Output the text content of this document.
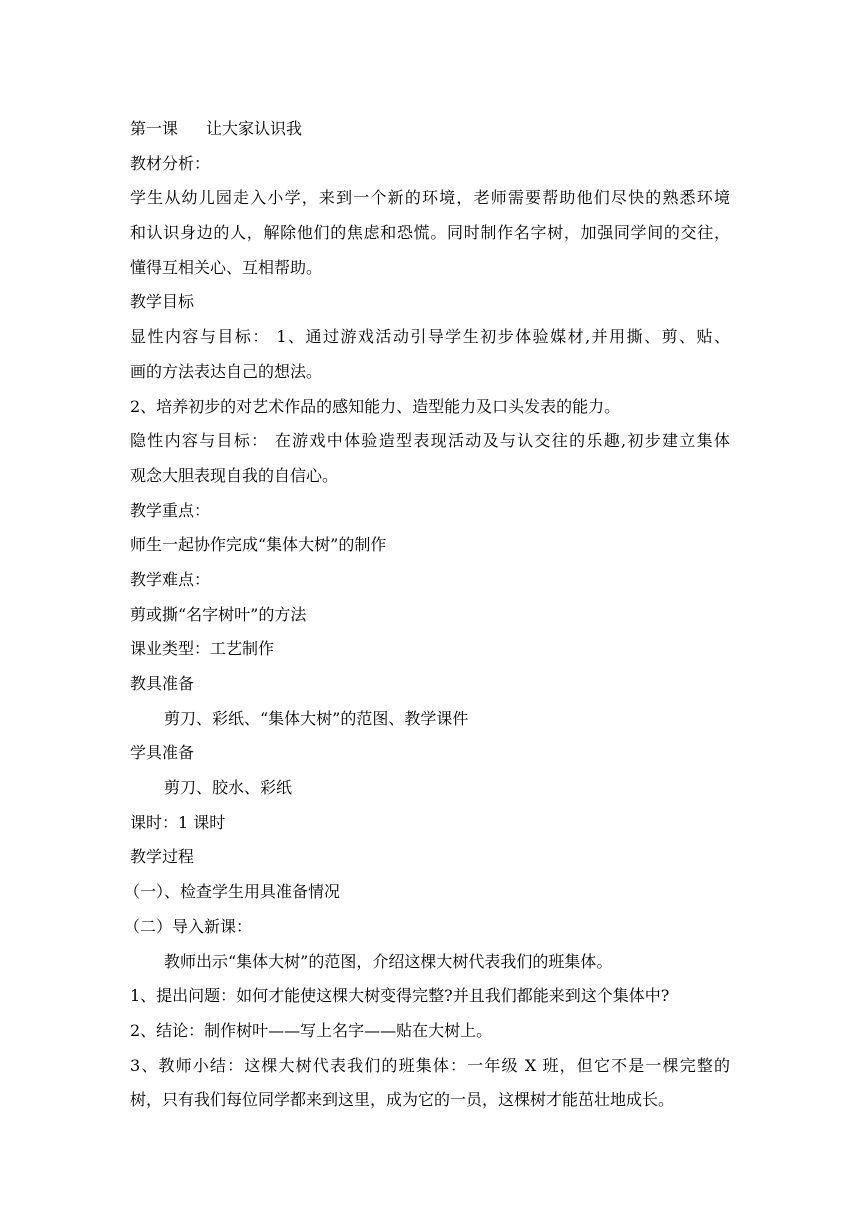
第一课 让大家认识我
教材分析：
学生从幼儿园走入小学，来到一个新的环境，老师需要帮助他们尽快的熟悉环境
和认识身边的人，解除他们的焦虑和恐慌。同时制作名字树，加强同学间的交往，
懂得互相关心、互相帮助。
教学目标
显性内容与目标： 1、通过游戏活动引导学生初步体验媒材,并用撕、剪、贴、
画的方法表达自己的想法。
2、培养初步的对艺术作品的感知能力、造型能力及口头发表的能力。
隐性内容与目标： 在游戏中体验造型表现活动及与认交往的乐趣,初步建立集体
观念大胆表现自我的自信心。
教学重点：
师生一起协作完成“集体大树”的制作
教学难点：
剪或撕“名字树叶”的方法
课业类型：工艺制作
教具准备
剪刀、彩纸、“集体大树”的范图、教学课件
学具准备
剪刀、胶水、彩纸
课时：1 课时
教学过程
（一）、检查学生用具准备情况
（二）导入新课：
教师出示“集体大树”的范图，介绍这棵大树代表我们的班集体。
1、提出问题：如何才能使这棵大树变得完整?并且我们都能来到这个集体中?
2、结论：制作树叶——写上名字——贴在大树上。
3、教师小结：这棵大树代表我们的班集体：一年级 X 班，但它不是一棵完整的
树，只有我们每位同学都来到这里，成为它的一员，这棵树才能茁壮地成长。
